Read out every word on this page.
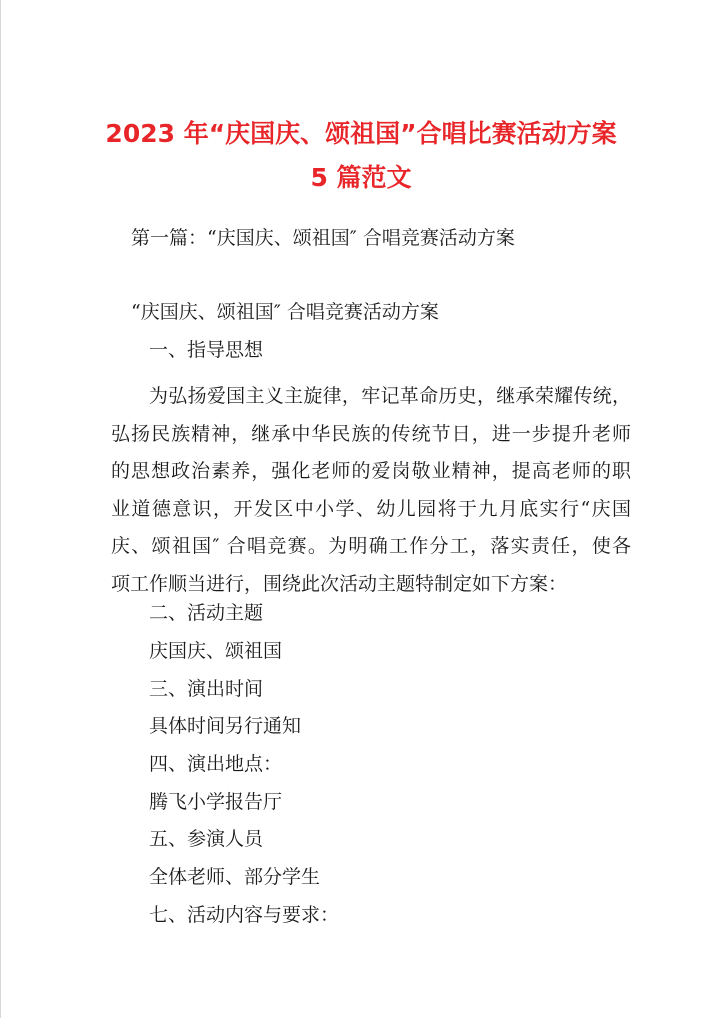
2023 年“庆国庆、颂祖国”合唱比赛活动方案
5 篇范文
第一篇：“庆国庆、颂祖国″ 合唱竞赛活动方案
“庆国庆、颂祖国″ 合唱竞赛活动方案
一、指导思想
为弘扬爱国主义主旋律，牢记革命历史，继承荣耀传统，
弘扬民族精神，继承中华民族的传统节日，进一步提升老师
的思想政治素养，强化老师的爱岗敬业精神，提高老师的职
业道德意识，开发区中小学、幼儿园将于九月底实行“庆国
庆、颂祖国″ 合唱竞赛。为明确工作分工，落实责任，使各
项工作顺当进行，围绕此次活动主题特制定如下方案：
二、活动主题
庆国庆、颂祖国
三、演出时间
具体时间另行通知
四、演出地点：
腾飞小学报告厅
五、参演人员
全体老师、部分学生
七、活动内容与要求：
